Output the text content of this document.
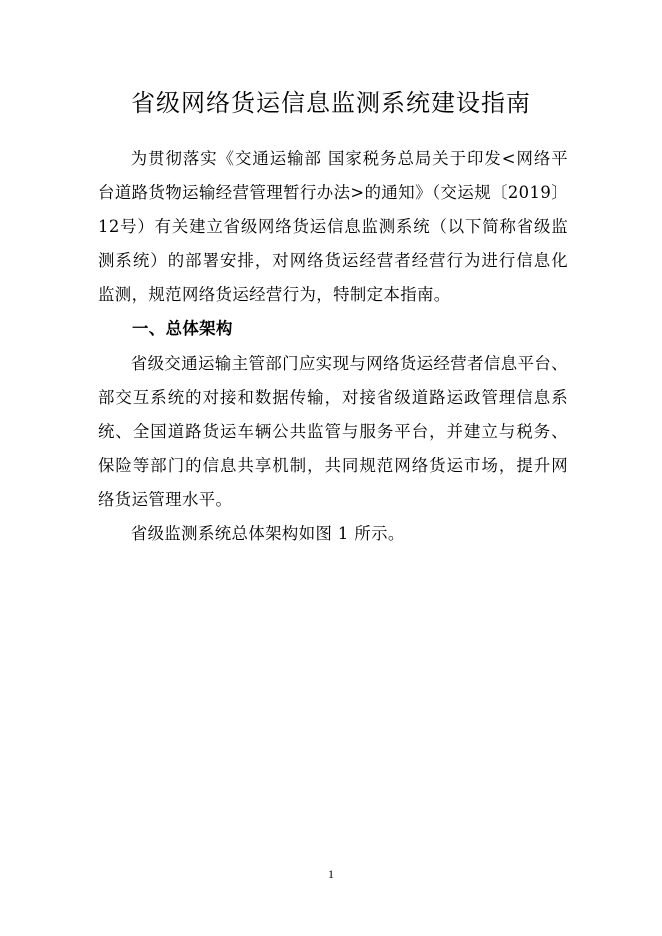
省级网络货运信息监测系统建设指南
为贯彻落实《交通运输部 国家税务总局关于印发<网络平台道路货物运输经营管理暂行办法>的通知》（交运规〔2019〕12号）有关建立省级网络货运信息监测系统（以下简称省级监测系统）的部署安排，对网络货运经营者经营行为进行信息化监测，规范网络货运经营行为，特制定本指南。
一、总体架构
省级交通运输主管部门应实现与网络货运经营者信息平台、部交互系统的对接和数据传输，对接省级道路运政管理信息系统、全国道路货运车辆公共监管与服务平台，并建立与税务、保险等部门的信息共享机制，共同规范网络货运市场，提升网络货运管理水平。
省级监测系统总体架构如图 1 所示。
1
